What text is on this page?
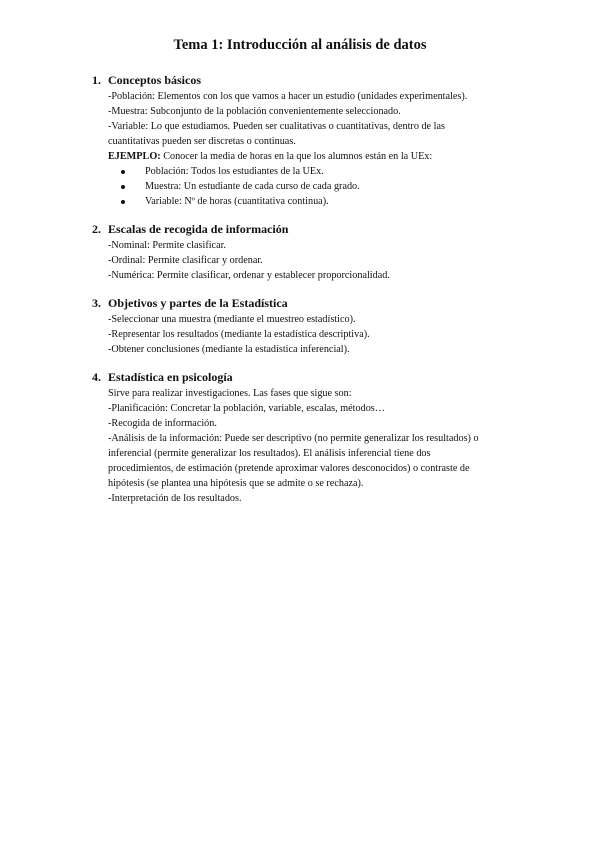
Tema 1: Introducción al análisis de datos
1. Conceptos básicos
-Población: Elementos con los que vamos a hacer un estudio (unidades experimentales).
-Muestra: Subconjunto de la población convenientemente seleccionado.
-Variable: Lo que estudiamos. Pueden ser cualitativas o cuantitativas, dentro de las
cuantitativas pueden ser discretas o continuas.
EJEMPLO: Conocer la media de horas en la que los alumnos están en la UEx:
Población: Todos los estudiantes de la UEx.
Muestra: Un estudiante de cada curso de cada grado.
Variable: Nº de horas (cuantitativa continua).
2. Escalas de recogida de información
-Nominal: Permite clasificar.
-Ordinal: Permite clasificar y ordenar.
-Numérica: Permite clasificar, ordenar y establecer proporcionalidad.
3. Objetivos y partes de la Estadística
-Seleccionar una muestra (mediante el muestreo estadístico).
-Representar los resultados (mediante la estadística descriptiva).
-Obtener conclusiones (mediante la estadística inferencial).
4. Estadística en psicología
Sirve para realizar investigaciones. Las fases que sigue son:
-Planificación: Concretar la población, variable, escalas, métodos…
-Recogida de información.
-Análisis de la información: Puede ser descriptivo (no permite generalizar los resultados) o
inferencial (permite generalizar los resultados). El análisis inferencial tiene dos
procedimientos, de estimación (pretende aproximar valores desconocidos) o contraste de
hipótesis (se plantea una hipótesis que se admite o se rechaza).
-Interpretación de los resultados.
